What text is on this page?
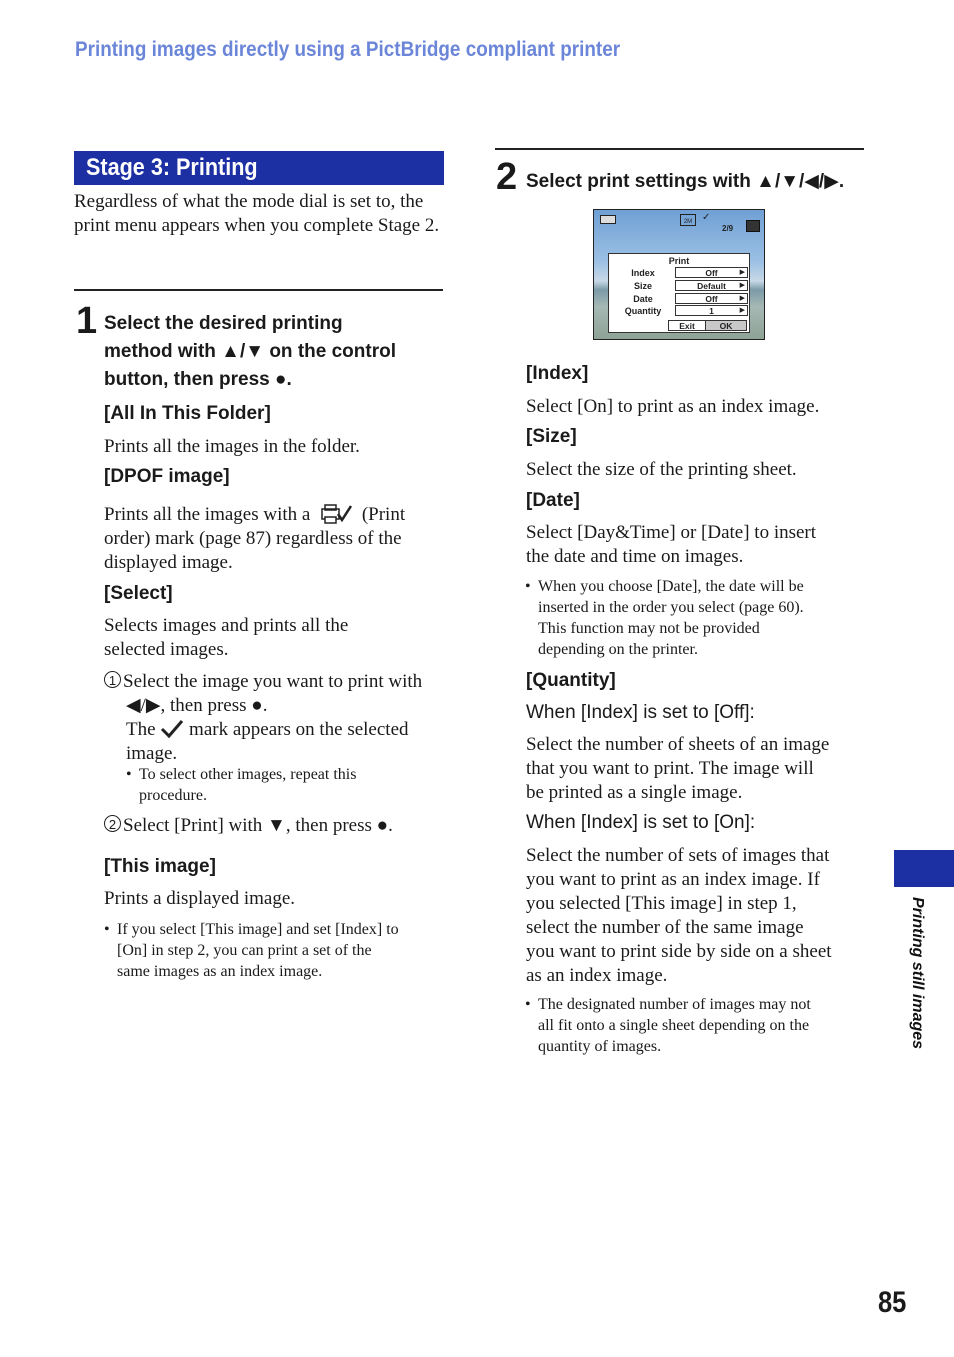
Printing images directly using a PictBridge compliant printer
Stage 3: Printing
Regardless of what the mode dial is set to, the print menu appears when you complete Stage 2.
1 Select the desired printing
method with ▲/▼ on the control
button, then press ●.
[All In This Folder]
Prints all the images in the folder.
[DPOF image]
Prints all the images with a	(Print
order) mark (page 87) regardless of the
displayed image.
[Select]
Selects images and prints all the
selected images.
1 Select the image you want to print with
◀/▶, then press ●.
The mark appears on the selected
image.
• To select other images, repeat this
procedure.
2 Select [Print] with ▼, then press ●.
[This image]
Prints a displayed image.
• If you select [This image] and set [Index] to
[On] in step 2, you can print a set of the
same images as an index image.
2 Select print settings with ▲/▼/◀/▶.
2M ✓
2/9
Print
Index	Off	▶
Size	Default ▶
Date	Off	▶
Quantity	1	▶
Exit	OK
[Index]
Select [On] to print as an index image.
[Size]
Select the size of the printing sheet.
[Date]
Select [Day&Time] or [Date] to insert
the date and time on images.
• When you choose [Date], the date will be
inserted in the order you select (page 60).
This function may not be provided
depending on the printer.
[Quantity]
When [Index] is set to [Off]:
Select the number of sheets of an image
that you want to print. The image will
be printed as a single image.
When [Index] is set to [On]:
Select the number of sets of images that
you want to print as an index image. If
you selected [This image] in step 1,
select the number of the same image
you want to print side by side on a sheet
as an index image.
• The designated number of images may not
all fit onto a single sheet depending on the
quantity of images.	Printing still images
85
